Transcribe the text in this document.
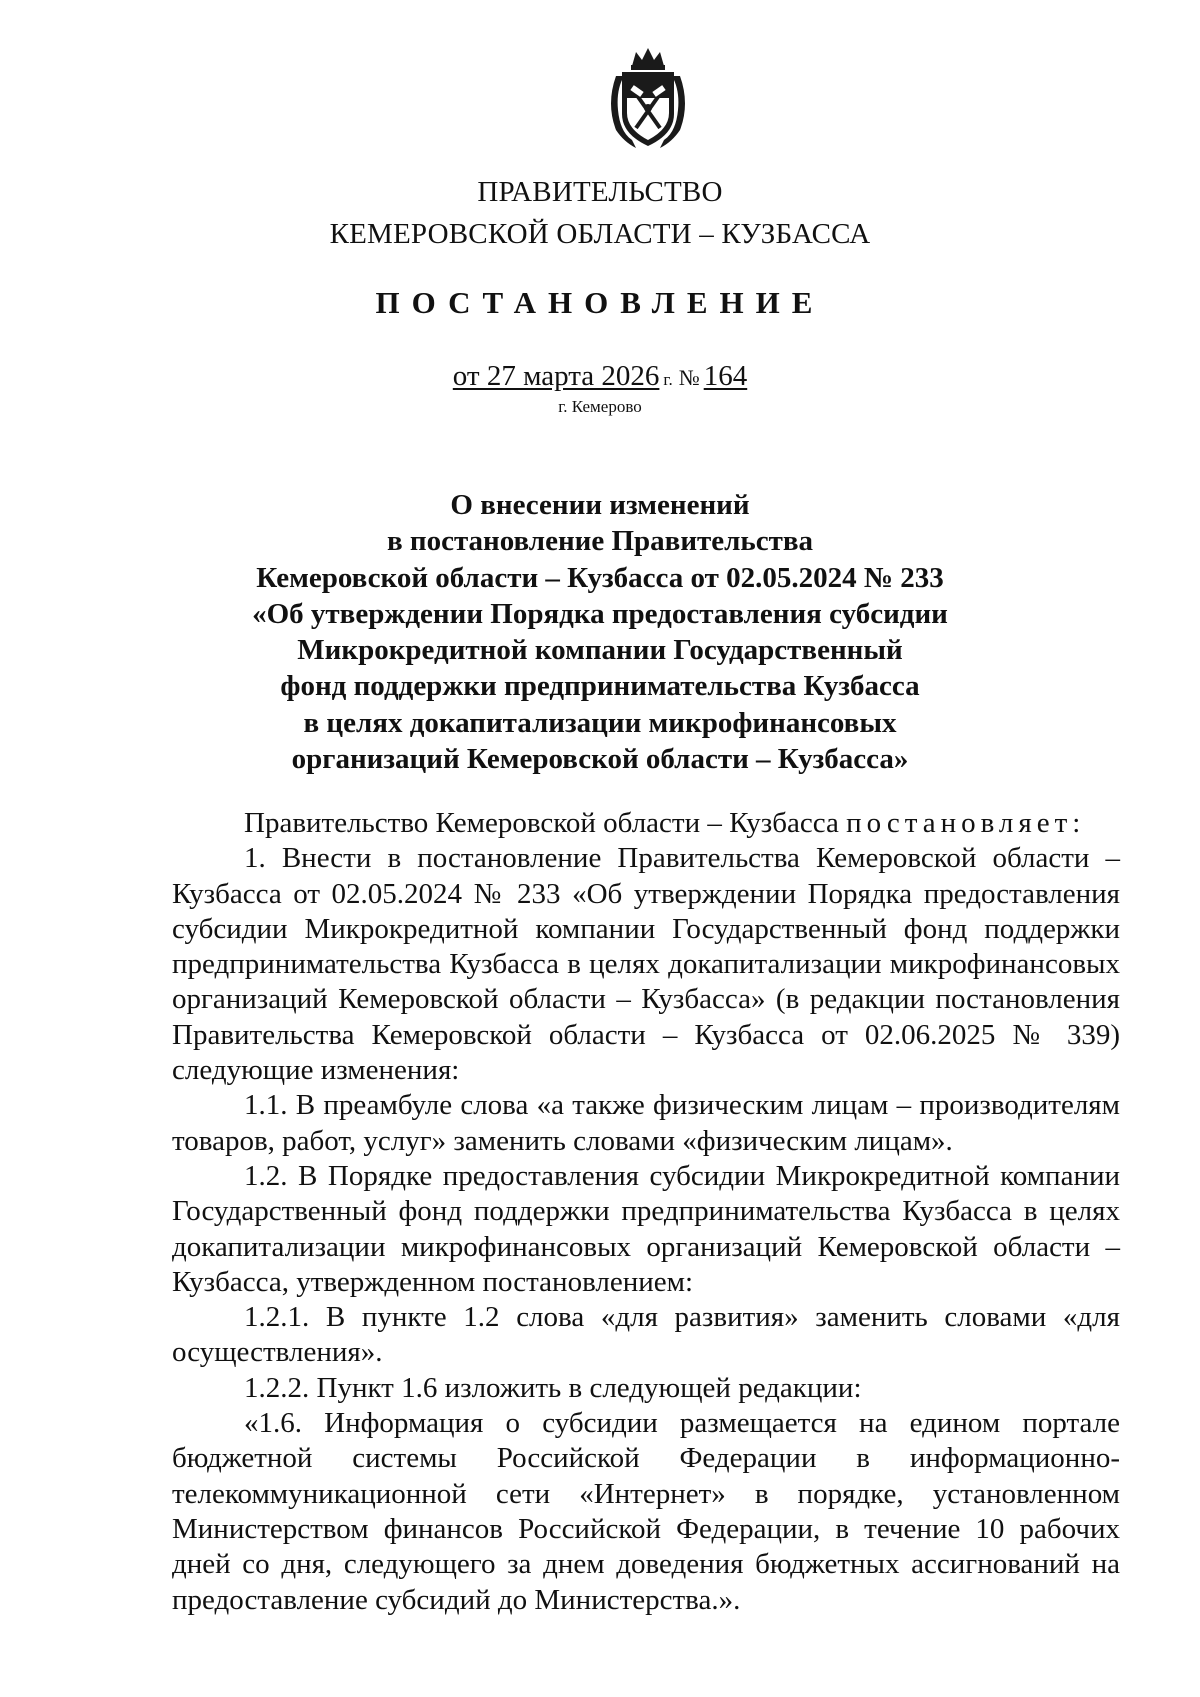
ПРАВИТЕЛЬСТВО
КЕМЕРОВСКОЙ ОБЛАСТИ – КУЗБАССА
ПОСТАНОВЛЕНИЕ
от 27 марта 2026 г. № 164
г. Кемерово
О внесении изменений
в постановление Правительства
Кемеровской области – Кузбасса от 02.05.2024 № 233
«Об утверждении Порядка предоставления субсидии
Микрокредитной компании Государственный
фонд поддержки предпринимательства Кузбасса
в целях докапитализации микрофинансовых
организаций Кемеровской области – Кузбасса»

Правительство Кемеровской области – Кузбасса постановляет:

1. Внести в постановление Правительства Кемеровской области – Кузбасса от 02.05.2024 № 233 «Об утверждении Порядка предоставления субсидии Микрокредитной компании Государственный фонд поддержки предпринимательства Кузбасса в целях докапитализации микрофинансовых организаций Кемеровской области – Кузбасса» (в редакции постановления Правительства Кемеровской области – Кузбасса от 02.06.2025 № 339) следующие изменения:

1.1. В преамбуле слова «а также физическим лицам – производителям товаров, работ, услуг» заменить словами «физическим лицам».

1.2. В Порядке предоставления субсидии Микрокредитной компании Государственный фонд поддержки предпринимательства Кузбасса в целях докапитализации микрофинансовых организаций Кемеровской области – Кузбасса, утвержденном постановлением:

1.2.1. В пункте 1.2 слова «для развития» заменить словами «для осуществления».

1.2.2. Пункт 1.6 изложить в следующей редакции:

«1.6. Информация о субсидии размещается на едином портале бюджетной системы Российской Федерации в информационно-телекоммуникационной сети «Интернет» в порядке, установленном Министерством финансов Российской Федерации, в течение 10 рабочих дней со дня, следующего за днем доведения бюджетных ассигнований на предоставление субсидий до Министерства.».
